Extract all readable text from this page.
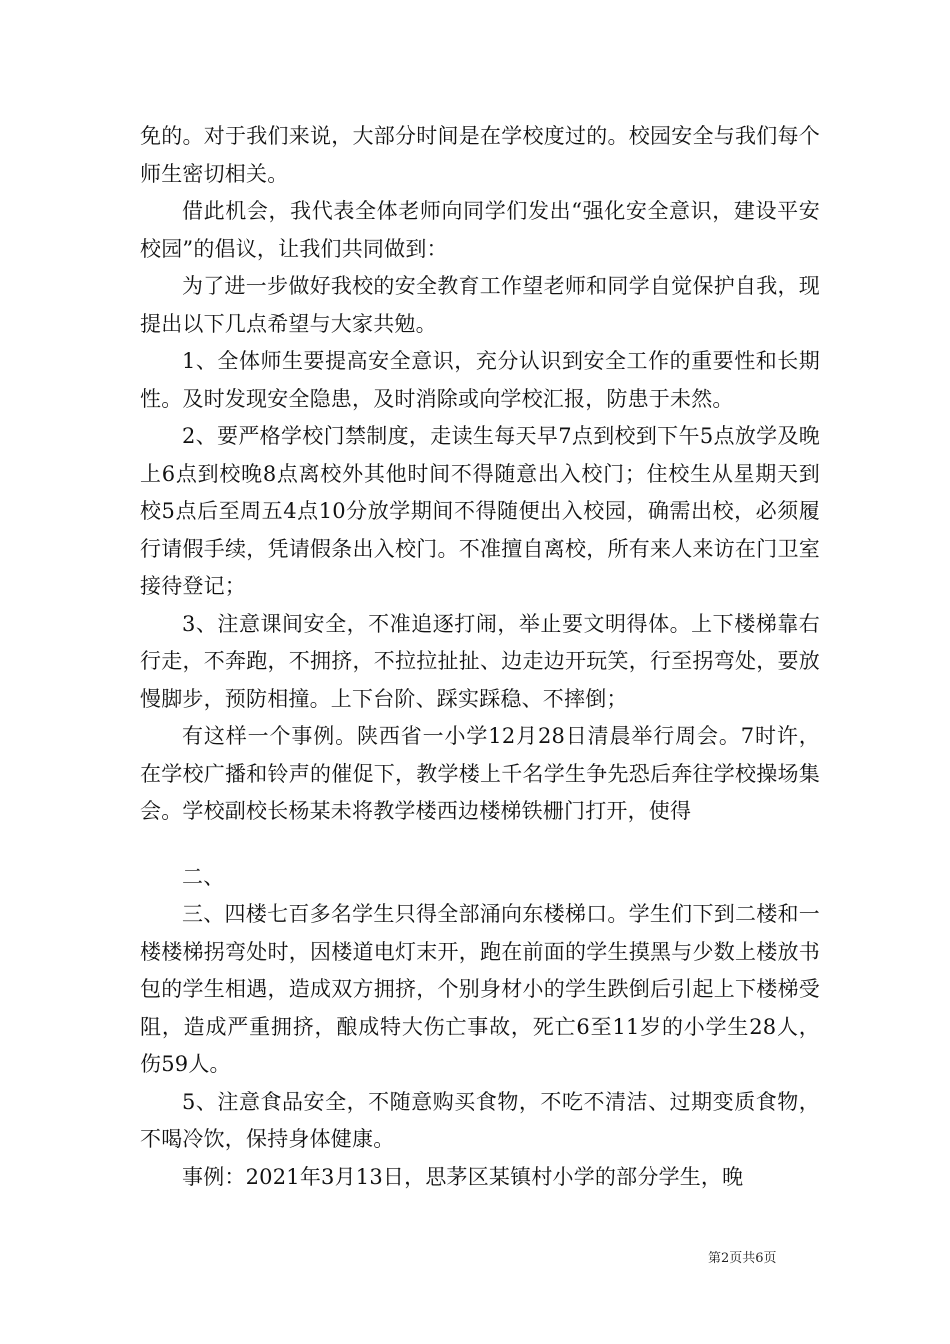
免的。对于我们来说，大部分时间是在学校度过的。校园安全与我们每个师生密切相关。

借此机会，我代表全体老师向同学们发出“强化安全意识，建设平安校园”的倡议，让我们共同做到：

为了进一步做好我校的安全教育工作望老师和同学自觉保护自我，现提出以下几点希望与大家共勉。

1、全体师生要提高安全意识，充分认识到安全工作的重要性和长期性。及时发现安全隐患，及时消除或向学校汇报，防患于未然。

2、要严格学校门禁制度，走读生每天早7点到校到下午5点放学及晚上6点到校晚8点离校外其他时间不得随意出入校门；住校生从星期天到校5点后至周五4点10分放学期间不得随便出入校园，确需出校，必须履行请假手续，凭请假条出入校门。不准擅自离校，所有来人来访在门卫室接待登记；

3、注意课间安全，不准追逐打闹，举止要文明得体。上下楼梯靠右行走，不奔跑，不拥挤，不拉拉扯扯、边走边开玩笑，行至拐弯处，要放慢脚步，预防相撞。上下台阶、踩实踩稳、不摔倒；

有这样一个事例。陕西省一小学12月28日清晨举行周会。7时许，在学校广播和铃声的催促下，教学楼上千名学生争先恐后奔往学校操场集会。学校副校长杨某未将教学楼西边楼梯铁栅门打开，使得

二、

三、四楼七百多名学生只得全部涌向东楼梯口。学生们下到二楼和一楼楼梯拐弯处时，因楼道电灯末开，跑在前面的学生摸黑与少数上楼放书包的学生相遇，造成双方拥挤，个别身材小的学生跌倒后引起上下楼梯受阻，造成严重拥挤，酿成特大伤亡事故，死亡6至11岁的小学生28人，伤59人。

5、注意食品安全，不随意购买食物，不吃不清洁、过期变质食物，不喝冷饮，保持身体健康。

事例：2021年3月13日，思茅区某镇村小学的部分学生，晚

第2页共6页
